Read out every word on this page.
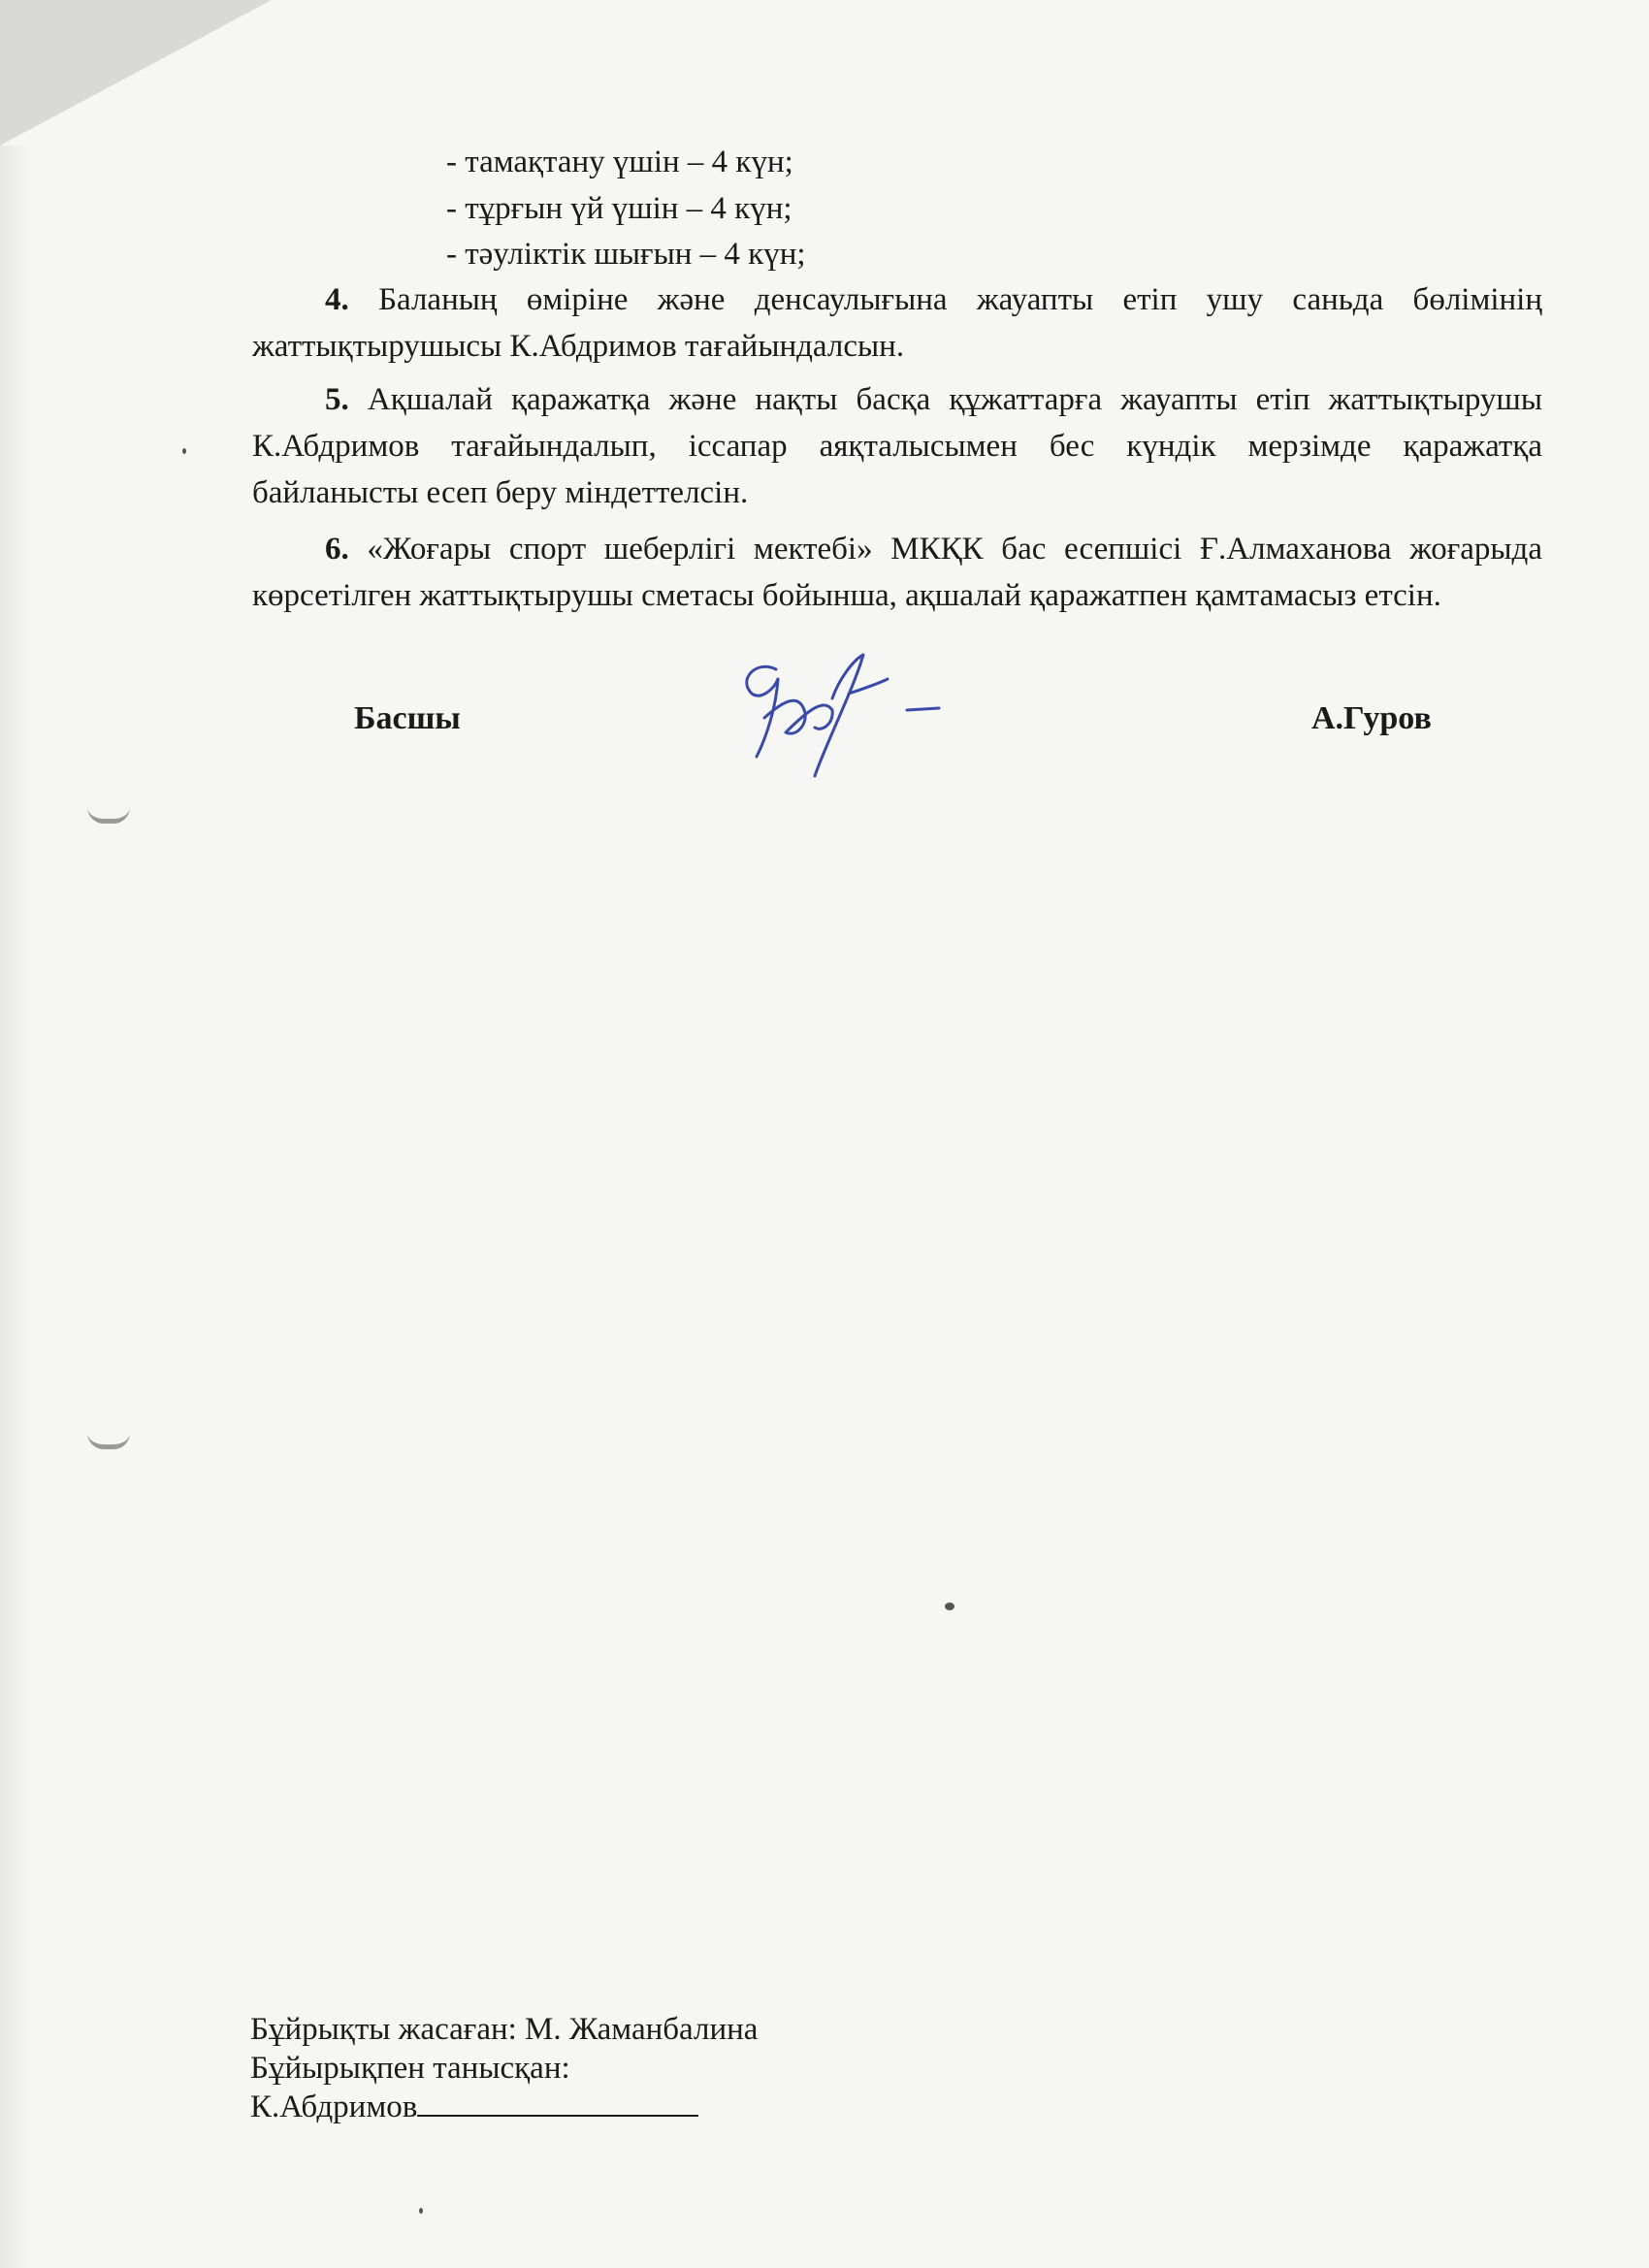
- тамақтану үшін – 4 күн;
- тұрғын үй үшін – 4 күн;
- тәуліктік шығын – 4 күн;
4. Баланың өміріне және денсаулығына жауапты етіп ушу саньда бөлімінің жаттықтырушысы К.Абдримов тағайындалсын.
5. Ақшалай қаражатқа және нақты басқа құжаттарға жауапты етіп жаттықтырушы К.Абдримов тағайындалып, іссапар аяқталысымен бес күндік мерзімде қаражатқа байланысты есеп беру міндеттелсін.
6. «Жоғары спорт шеберлігі мектебі» МКҚК бас есепшісі Ғ.Алмаханова жоғарыда көрсетілген жаттықтырушы сметасы бойынша, ақшалай қаражатпен қамтамасыз етсін.
Басшы	А.Гуров
Бұйрықты жасаған: М. Жаманбалина
Бұйырықпен танысқан:
К.Абдримов
